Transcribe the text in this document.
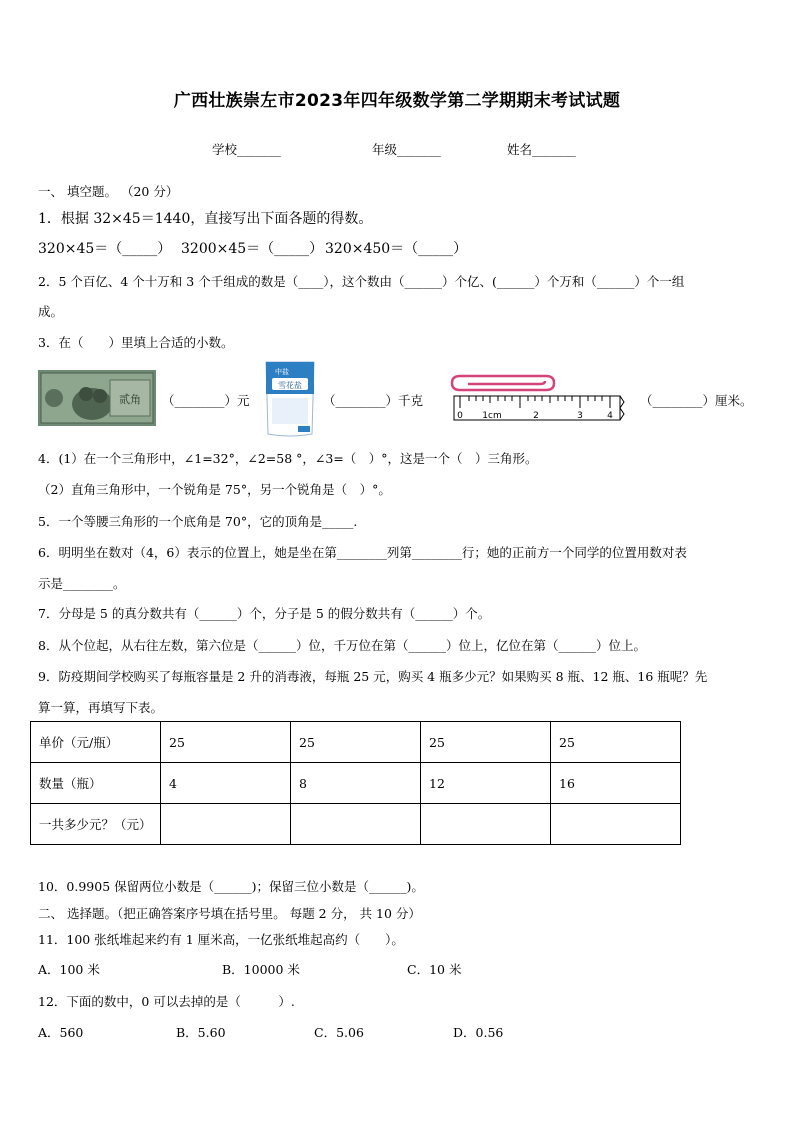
广西壮族崇左市2023年四年级数学第二学期期末考试试题
学校_______	年级_______	姓名_______
一、 填空题。 （20 分）
1．根据 32×45＝1440，直接写出下面各题的得数。
320×45＝（_____） 3200×45＝（_____） 320×450＝（_____）
2．5 个百亿、4 个十万和 3 个千组成的数是（____），这个数由（______）个亿、(______）个万和（______）个一组
成。
3．在（　　）里填上合适的小数。
贰角 （________）元
中盐
雪花盐
（________）千克
0 1cm	2	3	4
（________）厘米。
4．(1）在一个三角形中，∠1=32°，∠2=58 °，∠3=（　）°，这是一个（　）三角形。
（2）直角三角形中，一个锐角是 75°，另一个锐角是（　）°。
5．一个等腰三角形的一个底角是 70°，它的顶角是_____.
6．明明坐在数对（4，6）表示的位置上，她是坐在第________列第________行；她的正前方一个同学的位置用数对表
示是________。
7．分母是 5 的真分数共有（______）个，分子是 5 的假分数共有（______）个。
8．从个位起，从右往左数，第六位是（______）位，千万位在第（______）位上，亿位在第（______）位上。
9．防疫期间学校购买了每瓶容量是 2 升的消毒液，每瓶 25 元，购买 4 瓶多少元？如果购买 8 瓶、12 瓶、16 瓶呢？先
算一算，再填写下表。
单价（元/瓶）	25	25	25	25
数量（瓶）	4	8	12	16
一共多少元？（元）				
10．0.9905 保留两位小数是（______)；保留三位小数是（______)。
二、 选择题。（把正确答案序号填在括号里。 每题 2 分， 共 10 分）
11．100 张纸堆起来约有 1 厘米高，一亿张纸堆起高约（　　）。
A．100 米	B．10000 米	C．10 米
12．下面的数中，0 可以去掉的是（　　　）.
A．560	B．5.60	C．5.06	D．0.56
